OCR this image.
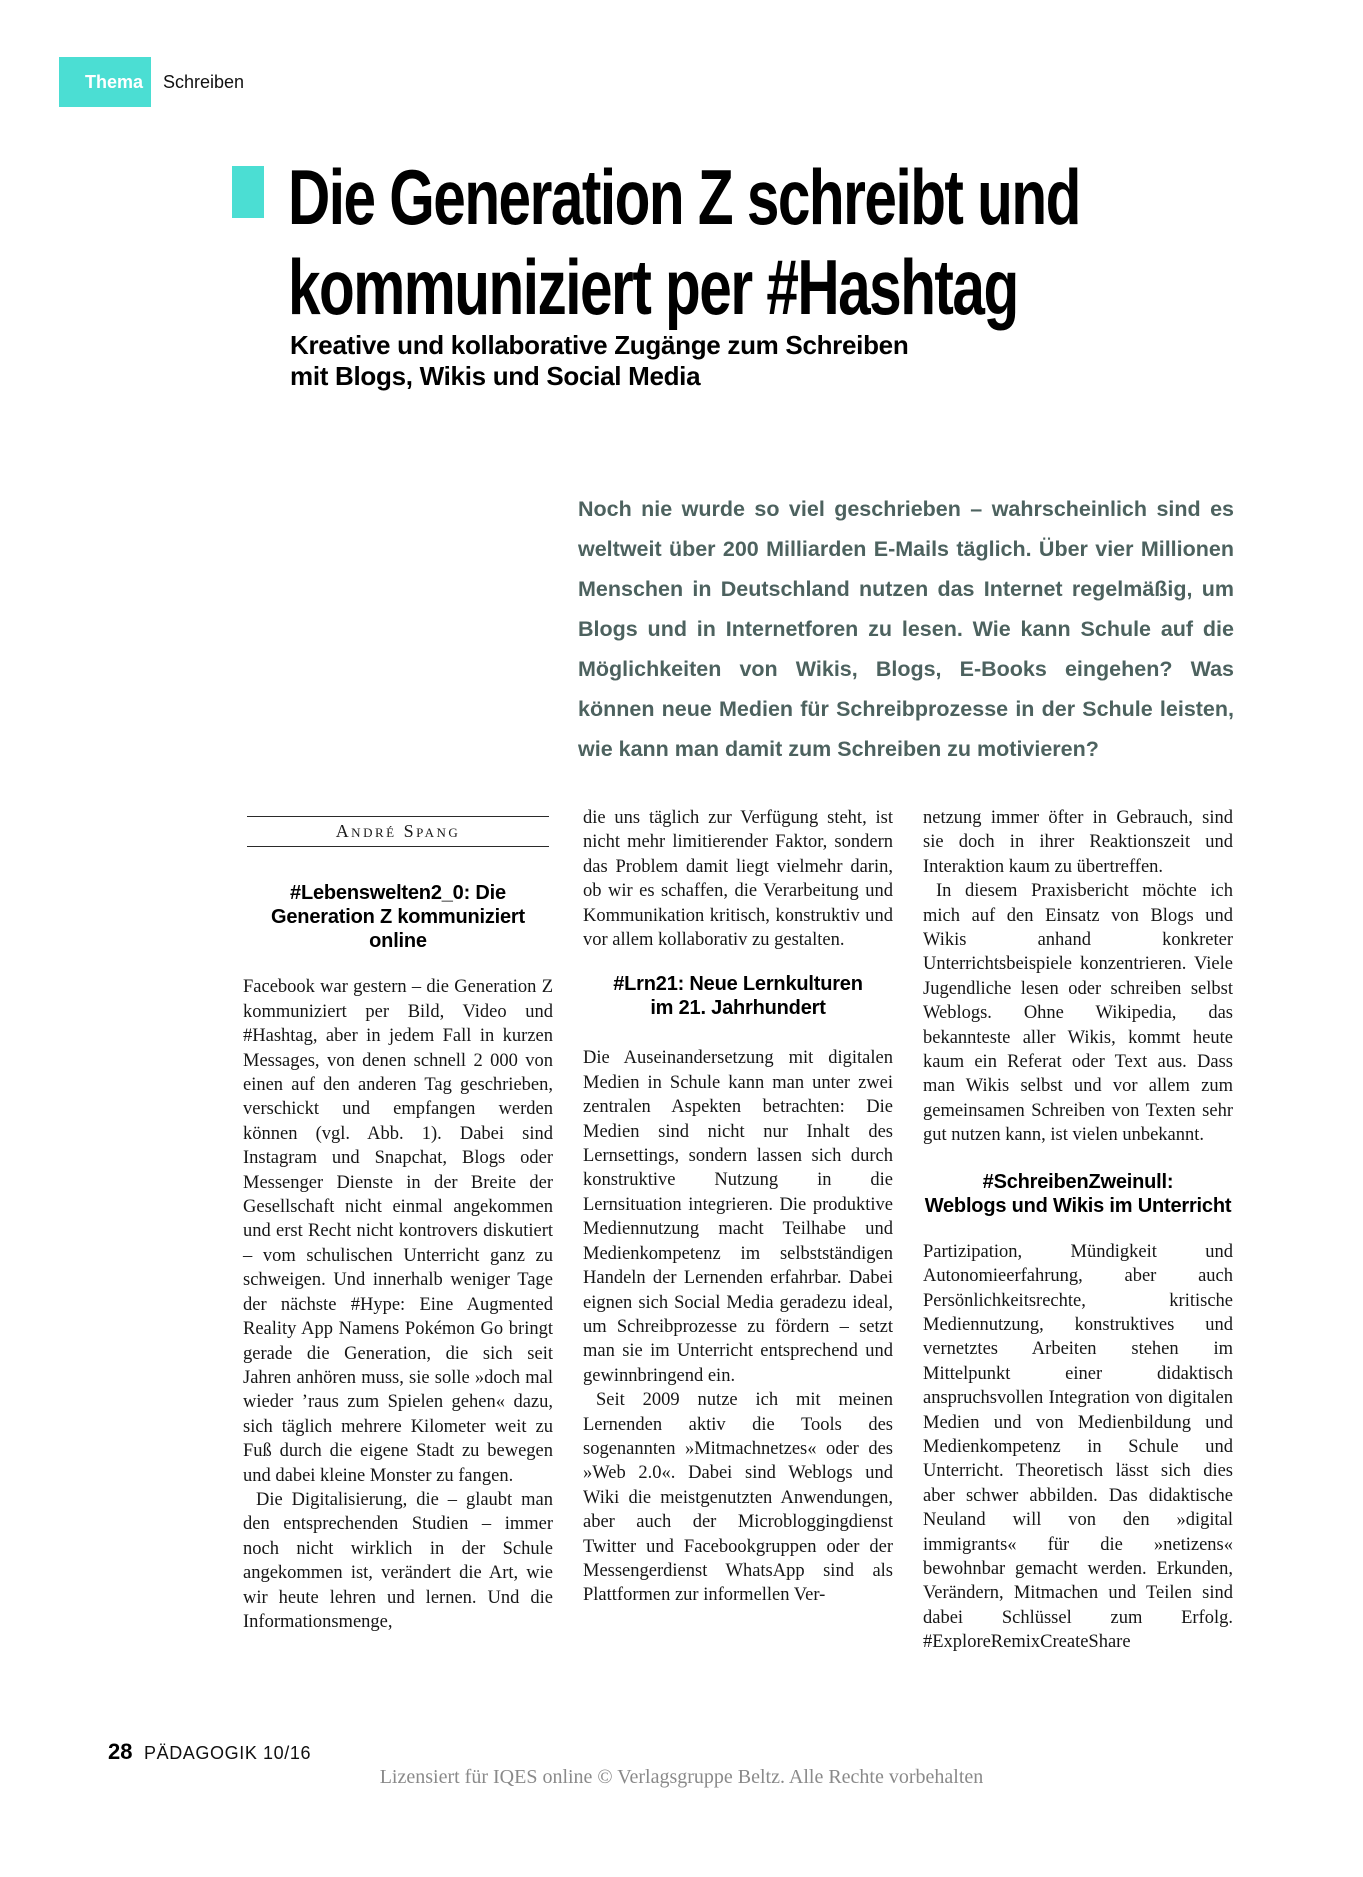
Thema Schreiben
Die Generation Z schreibt und
kommuniziert per #Hashtag
Kreative und kollaborative Zugänge zum Schreiben
mit Blogs, Wikis und Social Media

Noch nie wurde so viel geschrieben – wahrscheinlich sind es weltweit über 200 Milliarden E-Mails täglich. Über vier Millionen Menschen in Deutschland nutzen das Internet regelmäßig, um Blogs und in Internetforen zu lesen. Wie kann Schule auf die Möglichkeiten von Wikis, Blogs, E-Books eingehen? Was können neue Medien für Schreibprozesse in der Schule leisten, wie kann man damit zum Schreiben zu motivieren?

André Spang
#Lebenswelten2_0: Die
Generation Z kommuniziert online

Facebook war gestern – die Generation Z kommuniziert per Bild, Video und #Hashtag, aber in jedem Fall in kurzen Messages, von denen schnell 2 000 von einen auf den anderen Tag geschrieben, verschickt und empfangen werden können (vgl. Abb. 1). Dabei sind Instagram und Snapchat, Blogs oder Messenger Dienste in der Breite der Gesellschaft nicht einmal angekommen und erst Recht nicht kontrovers diskutiert – vom schulischen Unterricht ganz zu schweigen. Und innerhalb weniger Tage der nächste #Hype: Eine Augmented Reality App Namens Pokémon Go bringt gerade die Generation, die sich seit Jahren anhören muss, sie solle »doch mal wieder ’raus zum Spielen gehen« dazu, sich täglich mehrere Kilometer weit zu Fuß durch die eigene Stadt zu bewegen und dabei kleine Monster zu fangen.

Die Digitalisierung, die – glaubt man den entsprechenden Studien – immer noch nicht wirklich in der Schule angekommen ist, verändert die Art, wie wir heute lehren und lernen. Und die Informationsmenge,

die uns täglich zur Verfügung steht, ist nicht mehr limitierender Faktor, sondern das Problem damit liegt vielmehr darin, ob wir es schaffen, die Verarbeitung und Kommunikation kritisch, konstruktiv und vor allem kollaborativ zu gestalten.

#Lrn21: Neue Lernkulturen
im 21. Jahrhundert

Die Auseinandersetzung mit digitalen Medien in Schule kann man unter zwei zentralen Aspekten betrachten: Die Medien sind nicht nur Inhalt des Lernsettings, sondern lassen sich durch konstruktive Nutzung in die Lernsituation integrieren. Die produktive Mediennutzung macht Teilhabe und Medienkompetenz im selbstständigen Handeln der Lernenden erfahrbar. Dabei eignen sich Social Media geradezu ideal, um Schreibprozesse zu fördern – setzt man sie im Unterricht entsprechend und gewinnbringend ein.

Seit 2009 nutze ich mit meinen Lernenden aktiv die Tools des sogenannten »Mitmachnetzes« oder des »Web 2.0«. Dabei sind Weblogs und Wiki die meistgenutzten Anwendungen, aber auch der Microbloggingdienst Twitter und Facebookgruppen oder der Messengerdienst WhatsApp sind als Plattformen zur informellen Ver-

netzung immer öfter in Gebrauch, sind sie doch in ihrer Reaktionszeit und Interaktion kaum zu übertreffen.

In diesem Praxisbericht möchte ich mich auf den Einsatz von Blogs und Wikis anhand konkreter Unterrichtsbeispiele konzentrieren. Viele Jugendliche lesen oder schreiben selbst Weblogs. Ohne Wikipedia, das bekannteste aller Wikis, kommt heute kaum ein Referat oder Text aus. Dass man Wikis selbst und vor allem zum gemeinsamen Schreiben von Texten sehr gut nutzen kann, ist vielen unbekannt.

#SchreibenZweinull:
Weblogs und Wikis im Unterricht

Partizipation, Mündigkeit und Autonomieerfahrung, aber auch Persönlichkeitsrechte, kritische Mediennutzung, konstruktives und vernetztes Arbeiten stehen im Mittelpunkt einer didaktisch anspruchsvollen Integration von digitalen Medien und von Medienbildung und Medienkompetenz in Schule und Unterricht. Theoretisch lässt sich dies aber schwer abbilden. Das didaktische Neuland will von den »digital immigrants« für die »netizens« bewohnbar gemacht werden. Erkunden, Verändern, Mitmachen und Teilen sind dabei Schlüssel zum Erfolg. #ExploreRemixCreateShare

28 PÄDAGOGIK 10/16
Lizensiert für IQES online © Verlagsgruppe Beltz. Alle Rechte vorbehalten
